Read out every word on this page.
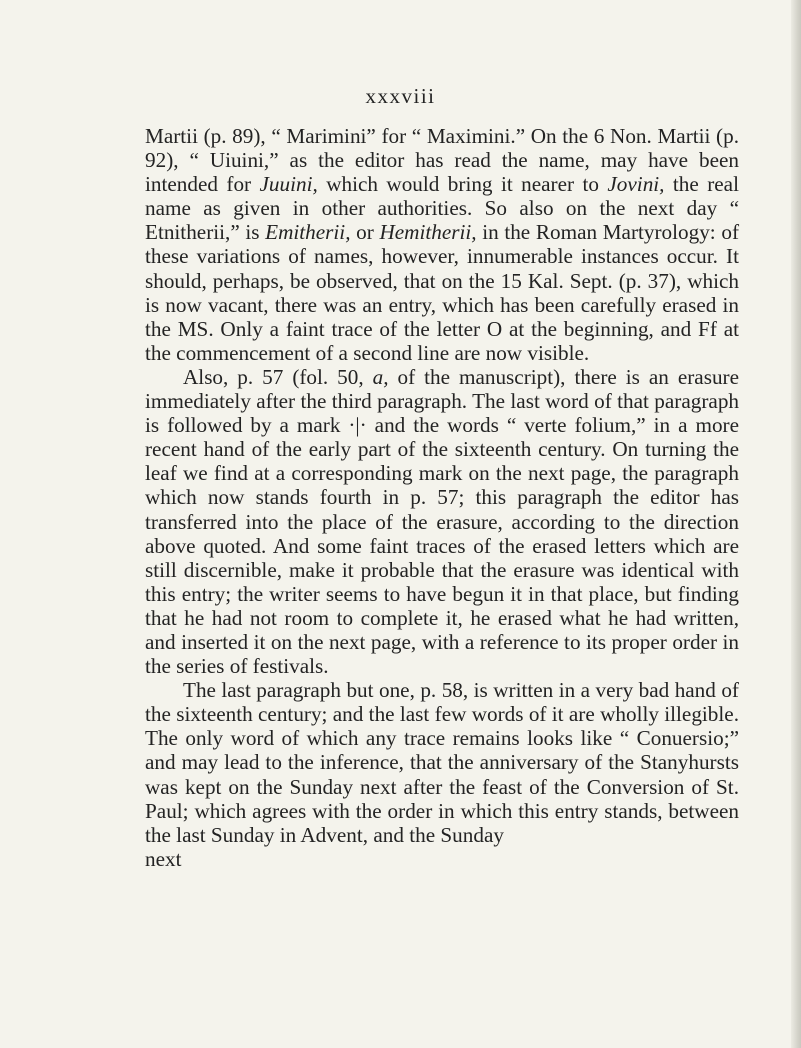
xxxviii

Martii (p. 89), “ Marimini” for “ Maximini.” On the 6 Non. Martii (p. 92), “ Uiuini,” as the editor has read the name, may have been intended for Juuini, which would bring it nearer to Jovini, the real name as given in other authorities. So also on the next day “ Etnitherii,” is Emitherii, or Hemitherii, in the Roman Martyrology: of these variations of names, however, innumerable instances occur. It should, perhaps, be observed, that on the 15 Kal. Sept. (p. 37), which is now vacant, there was an entry, which has been carefully erased in the MS. Only a faint trace of the letter O at the beginning, and Ff at the commencement of a second line are now visible.

Also, p. 57 (fol. 50, a, of the manuscript), there is an erasure immediately after the third paragraph. The last word of that paragraph is followed by a mark ·|· and the words “ verte folium,” in a more recent hand of the early part of the sixteenth century. On turning the leaf we find at a corresponding mark on the next page, the paragraph which now stands fourth in p. 57; this paragraph the editor has transferred into the place of the erasure, according to the direction above quoted. And some faint traces of the erased letters which are still discernible, make it probable that the erasure was identical with this entry; the writer seems to have begun it in that place, but finding that he had not room to complete it, he erased what he had written, and inserted it on the next page, with a reference to its proper order in the series of festivals.

The last paragraph but one, p. 58, is written in a very bad hand of the sixteenth century; and the last few words of it are wholly illegible. The only word of which any trace remains looks like “ Conuersio;” and may lead to the inference, that the anniversary of the Stanyhursts was kept on the Sunday next after the feast of the Conversion of St. Paul; which agrees with the order in which this entry stands, between the last Sunday in Advent, and the Sunday

next
